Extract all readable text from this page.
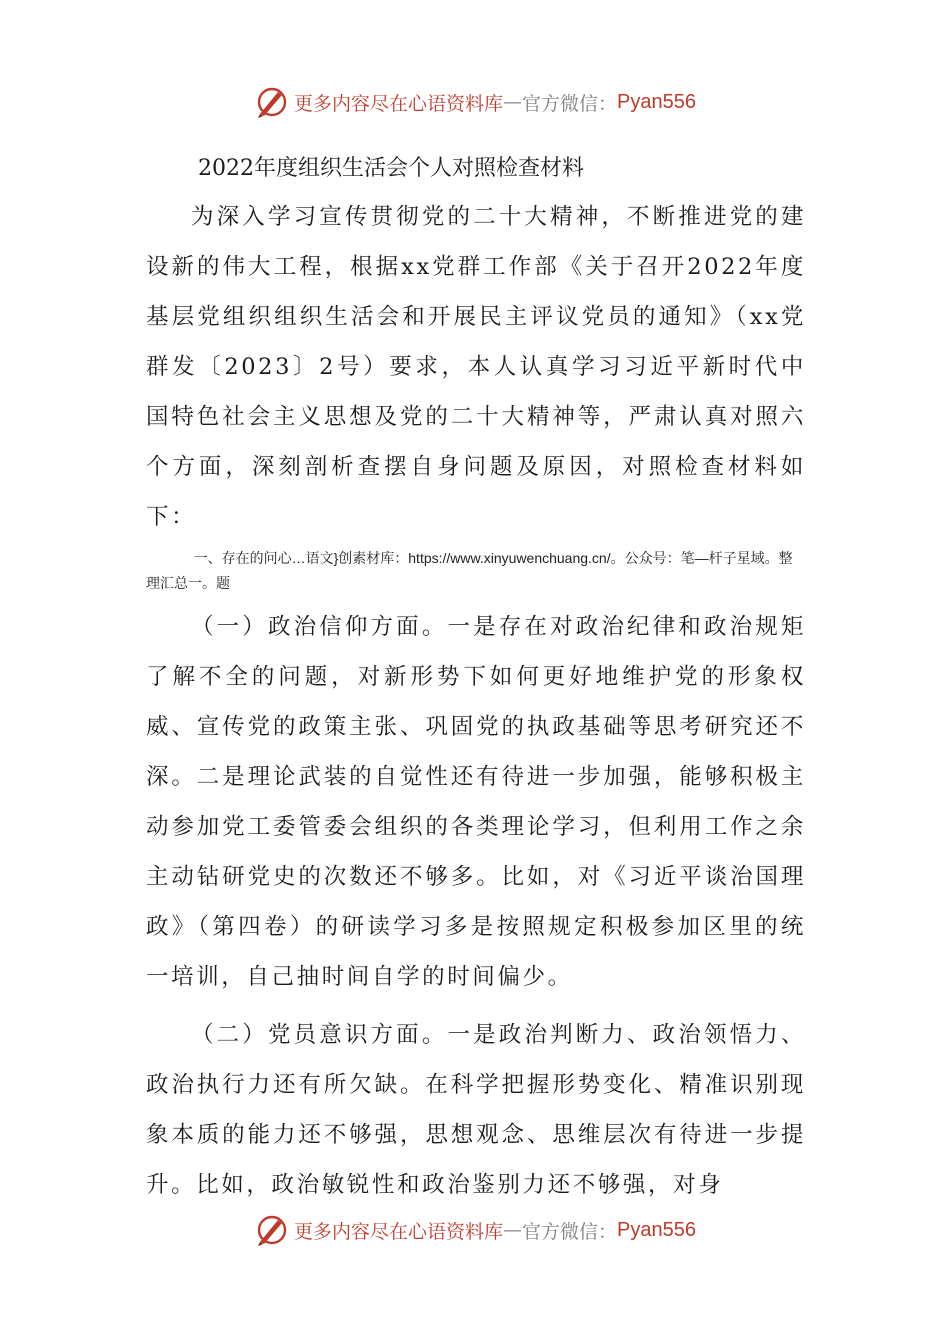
更多内容尽在心语资料库 — 官方微信： Pyan556
2022年度组织生活会个人对照检查材料

为深入学习宣传贯彻党的二十大精神，不断推进党的建设新的伟大工程，根据xx党群工作部《关于召开2022年度基层党组织组织生活会和开展民主评议党员的通知》（xx党群发〔2023〕2号）要求，本人认真学习习近平新时代中国特色社会主义思想及党的二十大精神等，严肃认真对照六个方面，深刻剖析查摆自身问题及原因，对照检查材料如下：

一、存在的问心…语文}创素材库：https://www.xinyuwenchuang.cn/。公众号：笔—杆子星域。整理汇总一。题

（一）政治信仰方面。一是存在对政治纪律和政治规矩了解不全的问题，对新形势下如何更好地维护党的形象权威、宣传党的政策主张、巩固党的执政基础等思考研究还不深。二是理论武装的自觉性还有待进一步加强，能够积极主动参加党工委管委会组织的各类理论学习，但利用工作之余主动钻研党史的次数还不够多。比如，对《习近平谈治国理政》（第四卷）的研读学习多是按照规定积极参加区里的统一培训，自己抽时间自学的时间偏少。

（二）党员意识方面。一是政治判断力、政治领悟力、政治执行力还有所欠缺。在科学把握形势变化、精准识别现象本质的能力还不够强，思想观念、思维层次有待进一步提升。比如，政治敏锐性和政治鉴别力还不够强，对身

更多内容尽在心语资料库 — 官方微信： Pyan556
